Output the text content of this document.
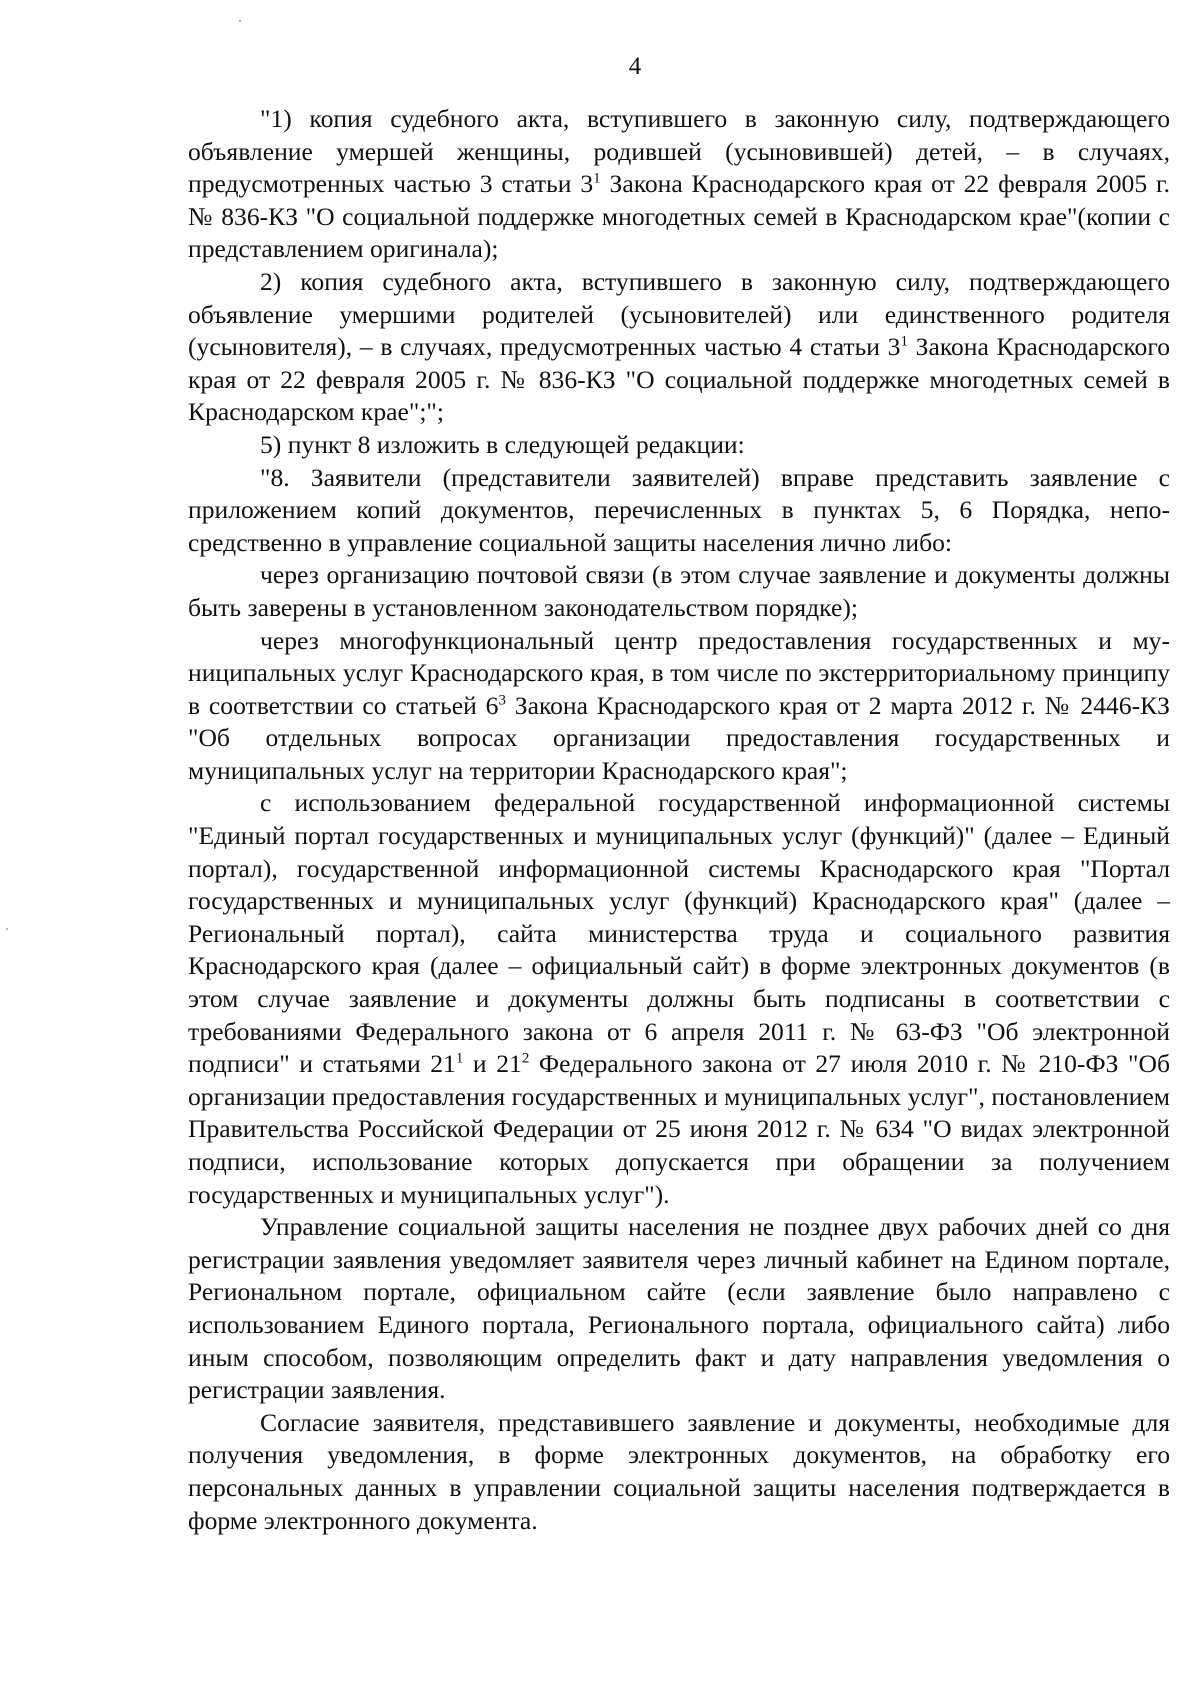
4

"1) копия судебного акта, вступившего в законную силу, подтверждающего объявление умершей женщины, родившей (усыновившей) детей, – в случаях, предусмотренных частью 3 статьи $3^1$ Закона Краснодарского края от 22 февраля 2005 г. № 836-КЗ "О социальной поддержке многодетных семей в Краснодарском крае"(копии с представлением оригинала);

2) копия судебного акта, вступившего в законную силу, подтверждающего объявление умершими родителей (усыновителей) или единственного родителя (усыновителя), – в случаях, предусмотренных частью 4 статьи $3^1$ Закона Краснодарского края от 22 февраля 2005 г. № 836-КЗ "О социальной поддержке многодетных семей в Краснодарском крае";";

5) пункт 8 изложить в следующей редакции:

"8. Заявители (представители заявителей) вправе представить заявление с приложением копий документов, перечисленных в пунктах 5, 6 Порядка, непосредственно в управление социальной защиты населения лично либо:

через организацию почтовой связи (в этом случае заявление и документы должны быть заверены в установленном законодательством порядке);

через многофункциональный центр предоставления государственных и муниципальных услуг Краснодарского края, в том числе по экстерриториальному принципу в соответствии со статьей $6^3$ Закона Краснодарского края от 2 марта 2012 г. № 2446-КЗ "Об отдельных вопросах организации предоставления государственных и муниципальных услуг на территории Краснодарского края";

с использованием федеральной государственной информационной системы "Единый портал государственных и муниципальных услуг (функций)" (далее – Единый портал), государственной информационной системы Краснодарского края "Портал государственных и муниципальных услуг (функций) Краснодарского края" (далее – Региональный портал), сайта министерства труда и социального развития Краснодарского края (далее – официальный сайт) в форме электронных документов (в этом случае заявление и документы должны быть подписаны в соответствии с требованиями Федерального закона от 6 апреля 2011 г. № 63-ФЗ "Об электронной подписи" и статьями $21^1$ и $21^2$ Федерального закона от 27 июля 2010 г. № 210-ФЗ "Об организации предоставления государственных и муниципальных услуг", постановлением Правительства Российской Федерации от 25 июня 2012 г. № 634 "О видах электронной подписи, использование которых допускается при обращении за получением государственных и муниципальных услуг").

Управление социальной защиты населения не позднее двух рабочих дней со дня регистрации заявления уведомляет заявителя через личный кабинет на Едином портале, Региональном портале, официальном сайте (если заявление было направлено с использованием Единого портала, Регионального портала, официального сайта) либо иным способом, позволяющим определить факт и дату направления уведомления о регистрации заявления.

Согласие заявителя, представившего заявление и документы, необходимые для получения уведомления, в форме электронных документов, на обработку его персональных данных в управлении социальной защиты населения подтверждается в форме электронного документа.
